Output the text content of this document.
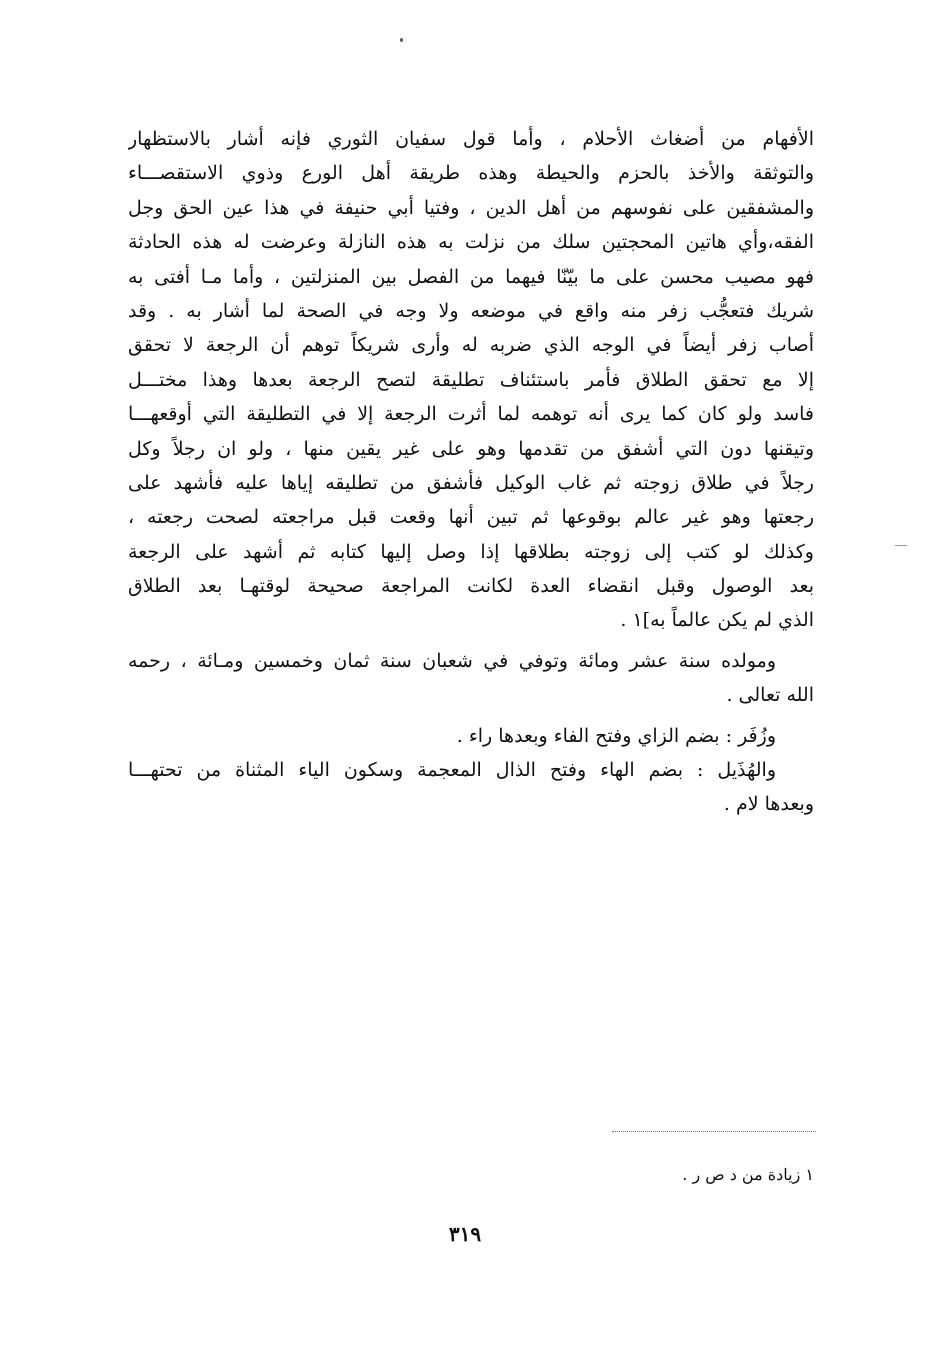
الأفهام من أضغاث الأحلام ، وأما قول سفيان الثوري فإنه أشار بالاستظهار
والتوثقة والأخذ بالحزم والحيطة وهذه طريقة أهل الورع وذوي الاستقصـــاء
والمشفقين على نفوسهم من أهل الدين ، وفتيا أبي حنيفة في هذا عين الحق وجل
الفقه،وأي هاتين المحجتين سلك من نزلت به هذه النازلة وعرضت له هذه الحادثة
فهو مصيب محسن على ما بيّنّا فيهما من الفصل بين المنزلتين ، وأما مـا أفتى به
شريك فتعجُّب زفر منه واقع في موضعه ولا وجه في الصحة لما أشار به . وقد
أصاب زفر أيضاً في الوجه الذي ضربه له وأرى شريكاً توهم أن الرجعة لا تحقق
إلا مع تحقق الطلاق فأمر باستئناف تطليقة لتصح الرجعة بعدها وهذا مختـــل
فاسد ولو كان كما يرى أنه توهمه لما أثرت الرجعة إلا في التطليقة التي أوقعهـــا
وتيقنها دون التي أشفق من تقدمها وهو على غير يقين منها ، ولو ان رجلاً وكل
رجلاً في طلاق زوجته ثم غاب الوكيل فأشفق من تطليقه إياها عليه فأشهد على
رجعتها وهو غير عالم بوقوعها ثم تبين أنها وقعت قبل مراجعته لصحت رجعته ،
وكذلك لو كتب إلى زوجته بطلاقها إذا وصل إليها كتابه ثم أشهد على الرجعة
بعد الوصول وقبل انقضاء العدة لكانت المراجعة صحيحة لوقتهـا بعد الطلاق
الذي لم يكن عالماً به]١ .
ومولده سنة عشر ومائة وتوفي في شعبان سنة ثمان وخمسين ومـائة ، رحمه
الله تعالى .
وزُفَر : بضم الزاي وفتح الفاء وبعدها راء .
والهُذَيل : بضم الهاء وفتح الذال المعجمة وسكون الياء المثناة من تحتهـــا
وبعدها لام .
١ زيادة من د ص ر .
٣١٩
